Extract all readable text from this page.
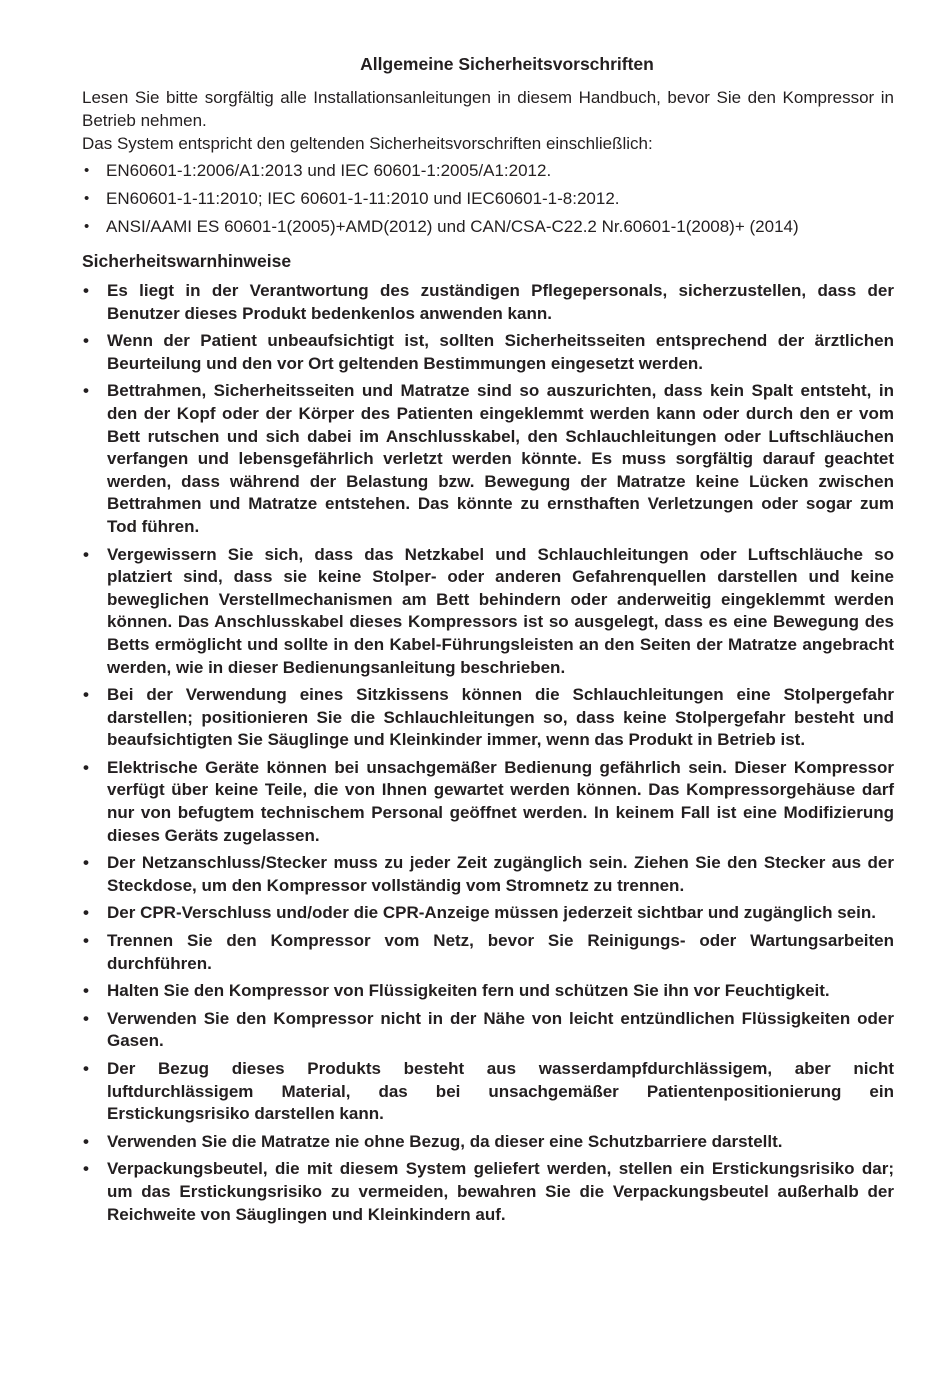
Allgemeine Sicherheitsvorschriften

Lesen Sie bitte sorgfältig alle Installationsanleitungen in diesem Handbuch, bevor Sie den Kompressor in Betrieb nehmen.

Das System entspricht den geltenden Sicherheitsvorschriften einschließlich:

• EN60601-1:2006/A1:2013 und IEC 60601-1:2005/A1:2012.
• EN60601-1-11:2010; IEC 60601-1-11:2010 und IEC60601-1-8:2012.
• ANSI/AAMI ES 60601-1(2005)+AMD(2012) und CAN/CSA-C22.2 Nr.60601-1(2008)+ (2014)
Sicherheitswarnhinweise
• Es liegt in der Verantwortung des zuständigen Pflegepersonals, sicherzustellen, dass der Benutzer dieses Produkt bedenkenlos anwenden kann.
• Wenn der Patient unbeaufsichtigt ist, sollten Sicherheitsseiten entsprechend der ärztlichen Beurteilung und den vor Ort geltenden Bestimmungen eingesetzt werden.
• Bettrahmen, Sicherheitsseiten und Matratze sind so auszurichten, dass kein Spalt entsteht, in den der Kopf oder der Körper des Patienten eingeklemmt werden kann oder durch den er vom Bett rutschen und sich dabei im Anschlusskabel, den Schlauchleitungen oder Luftschläuchen verfangen und lebensgefährlich verletzt werden könnte. Es muss sorgfältig darauf geachtet werden, dass während der Belastung bzw. Bewegung der Matratze keine Lücken zwischen Bettrahmen und Matratze entstehen. Das könnte zu ernsthaften Verletzungen oder sogar zum Tod führen.
• Vergewissern Sie sich, dass das Netzkabel und Schlauchleitungen oder Luftschläuche so platziert sind, dass sie keine Stolper- oder anderen Gefahrenquellen darstellen und keine beweglichen Verstellmechanismen am Bett behindern oder anderweitig eingeklemmt werden können. Das Anschlusskabel dieses Kompressors ist so ausgelegt, dass es eine Bewegung des Betts ermöglicht und sollte in den Kabel-Führungsleisten an den Seiten der Matratze angebracht werden, wie in dieser Bedienungsanleitung beschrieben.
• Bei der Verwendung eines Sitzkissens können die Schlauchleitungen eine Stolpergefahr darstellen; positionieren Sie die Schlauchleitungen so, dass keine Stolpergefahr besteht und beaufsichtigten Sie Säuglinge und Kleinkinder immer, wenn das Produkt in Betrieb ist.
• Elektrische Geräte können bei unsachgemäßer Bedienung gefährlich sein. Dieser Kompressor verfügt über keine Teile, die von Ihnen gewartet werden können. Das Kompressorgehäuse darf nur von befugtem technischem Personal geöffnet werden. In keinem Fall ist eine Modifizierung dieses Geräts zugelassen.
• Der Netzanschluss/Stecker muss zu jeder Zeit zugänglich sein. Ziehen Sie den Stecker aus der Steckdose, um den Kompressor vollständig vom Stromnetz zu trennen.
• Der CPR-Verschluss und/oder die CPR-Anzeige müssen jederzeit sichtbar und zugänglich sein.
• Trennen Sie den Kompressor vom Netz, bevor Sie Reinigungs- oder Wartungsarbeiten durchführen.
• Halten Sie den Kompressor von Flüssigkeiten fern und schützen Sie ihn vor Feuchtigkeit.
• Verwenden Sie den Kompressor nicht in der Nähe von leicht entzündlichen Flüssigkeiten oder Gasen.
• Der Bezug dieses Produkts besteht aus wasserdampfdurchlässigem, aber nicht luftdurchlässigem Material, das bei unsachgemäßer Patientenpositionierung ein Erstickungsrisiko darstellen kann.
• Verwenden Sie die Matratze nie ohne Bezug, da dieser eine Schutzbarriere darstellt.
• Verpackungsbeutel, die mit diesem System geliefert werden, stellen ein Erstickungsrisiko dar; um das Erstickungsrisiko zu vermeiden, bewahren Sie die Verpackungsbeutel außerhalb der Reichweite von Säuglingen und Kleinkindern auf.
